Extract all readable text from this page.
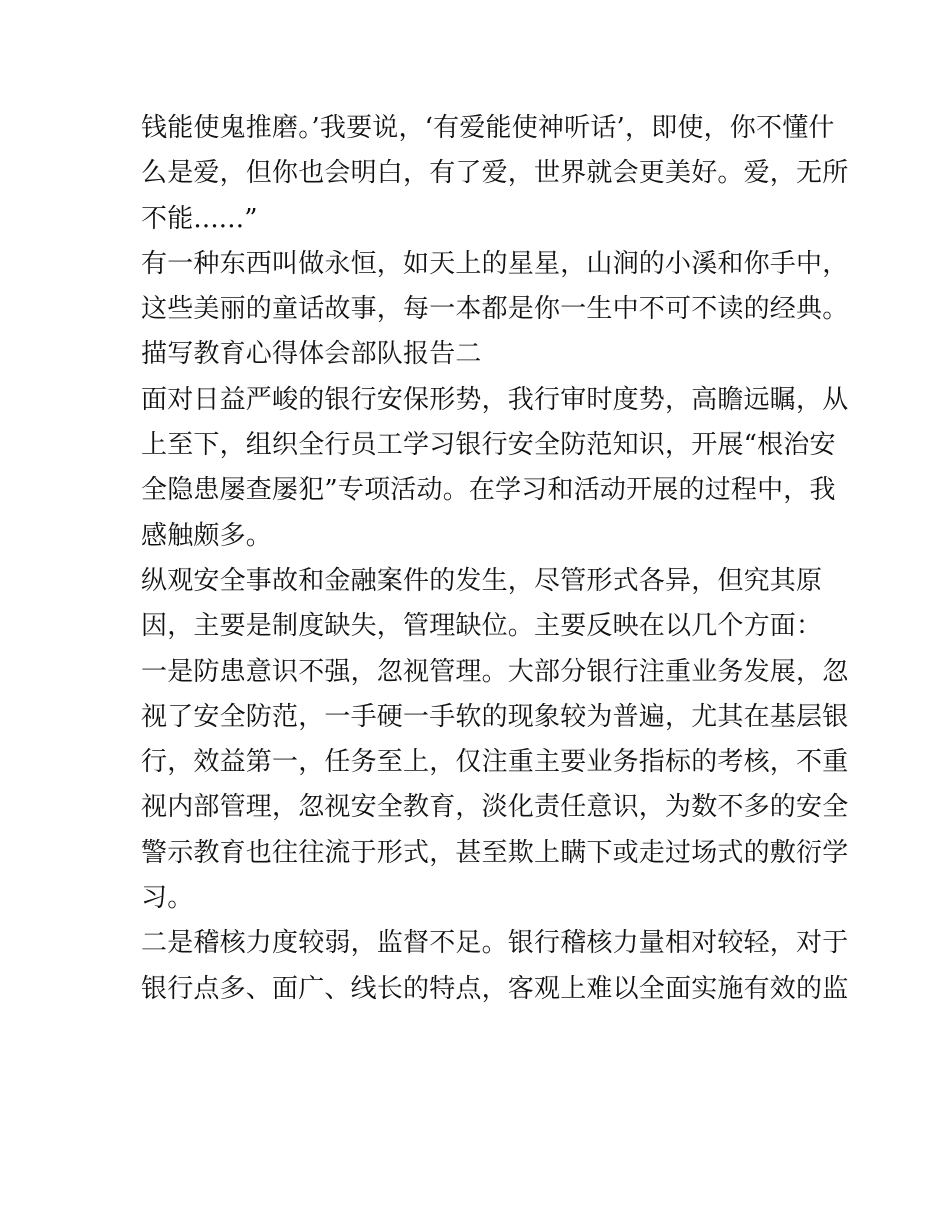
钱能使鬼推磨。’我要说，‘有爱能使神听话’，即使，你不懂什
么是爱，但你也会明白，有了爱，世界就会更美好。爱，无所
不能......”
有一种东西叫做永恒，如天上的星星，山涧的小溪和你手中，
这些美丽的童话故事，每一本都是你一生中不可不读的经典。
描写教育心得体会部队报告二
面对日益严峻的银行安保形势，我行审时度势，高瞻远瞩，从
上至下，组织全行员工学习银行安全防范知识，开展“根治安
全隐患屡查屡犯”专项活动。在学习和活动开展的过程中，我
感触颇多。
纵观安全事故和金融案件的发生，尽管形式各异，但究其原
因，主要是制度缺失，管理缺位。主要反映在以几个方面：
一是防患意识不强，忽视管理。大部分银行注重业务发展，忽
视了安全防范，一手硬一手软的现象较为普遍，尤其在基层银
行，效益第一，任务至上，仅注重主要业务指标的考核，不重
视内部管理，忽视安全教育，淡化责任意识，为数不多的安全
警示教育也往往流于形式，甚至欺上瞒下或走过场式的敷衍学
习。
二是稽核力度较弱，监督不足。银行稽核力量相对较轻，对于
银行点多、面广、线长的特点，客观上难以全面实施有效的监
